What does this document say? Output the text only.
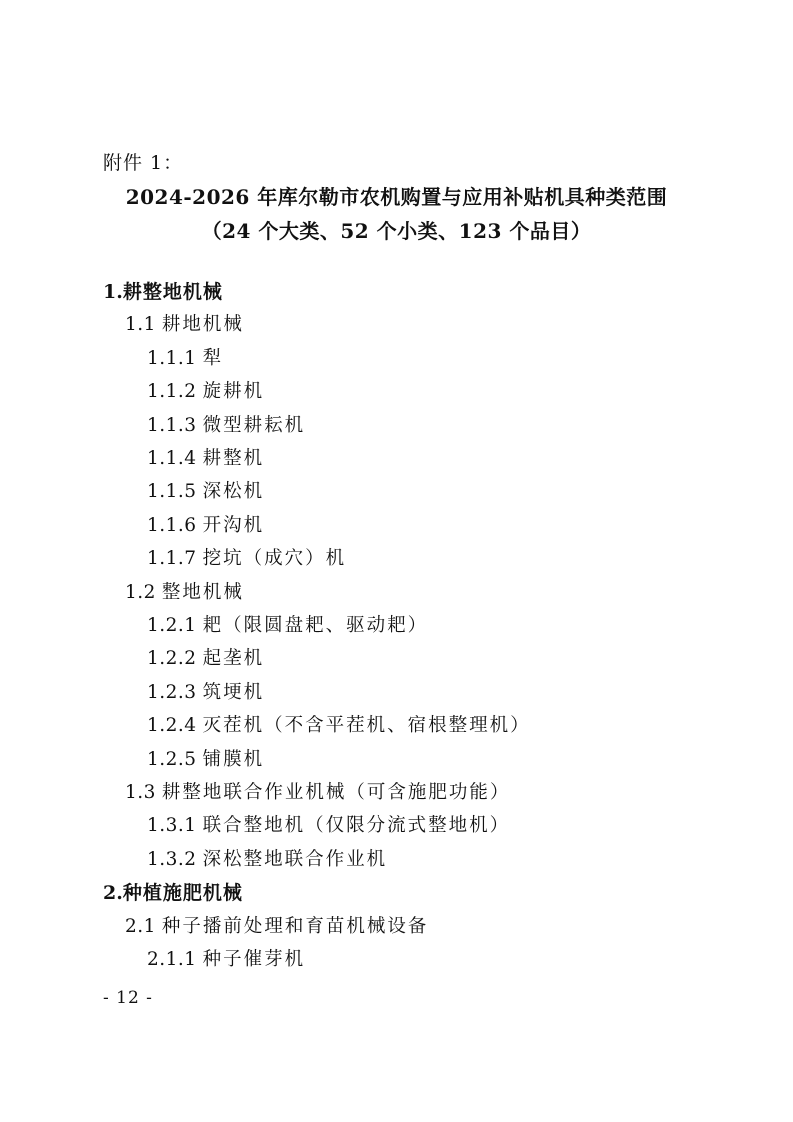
附件 1：
2024-2026 年库尔勒市农机购置与应用补贴机具种类范围
（24 个大类、52 个小类、123 个品目）
1.耕整地机械
1.1 耕地机械
1.1.1 犁
1.1.2 旋耕机
1.1.3 微型耕耘机
1.1.4 耕整机
1.1.5 深松机
1.1.6 开沟机
1.1.7 挖坑（成穴）机
1.2 整地机械
1.2.1 耙（限圆盘耙、驱动耙）
1.2.2 起垄机
1.2.3 筑埂机
1.2.4 灭茬机（不含平茬机、宿根整理机）
1.2.5 铺膜机
1.3 耕整地联合作业机械（可含施肥功能）
1.3.1 联合整地机（仅限分流式整地机）
1.3.2 深松整地联合作业机
2.种植施肥机械
2.1 种子播前处理和育苗机械设备
2.1.1 种子催芽机
- 12 -
